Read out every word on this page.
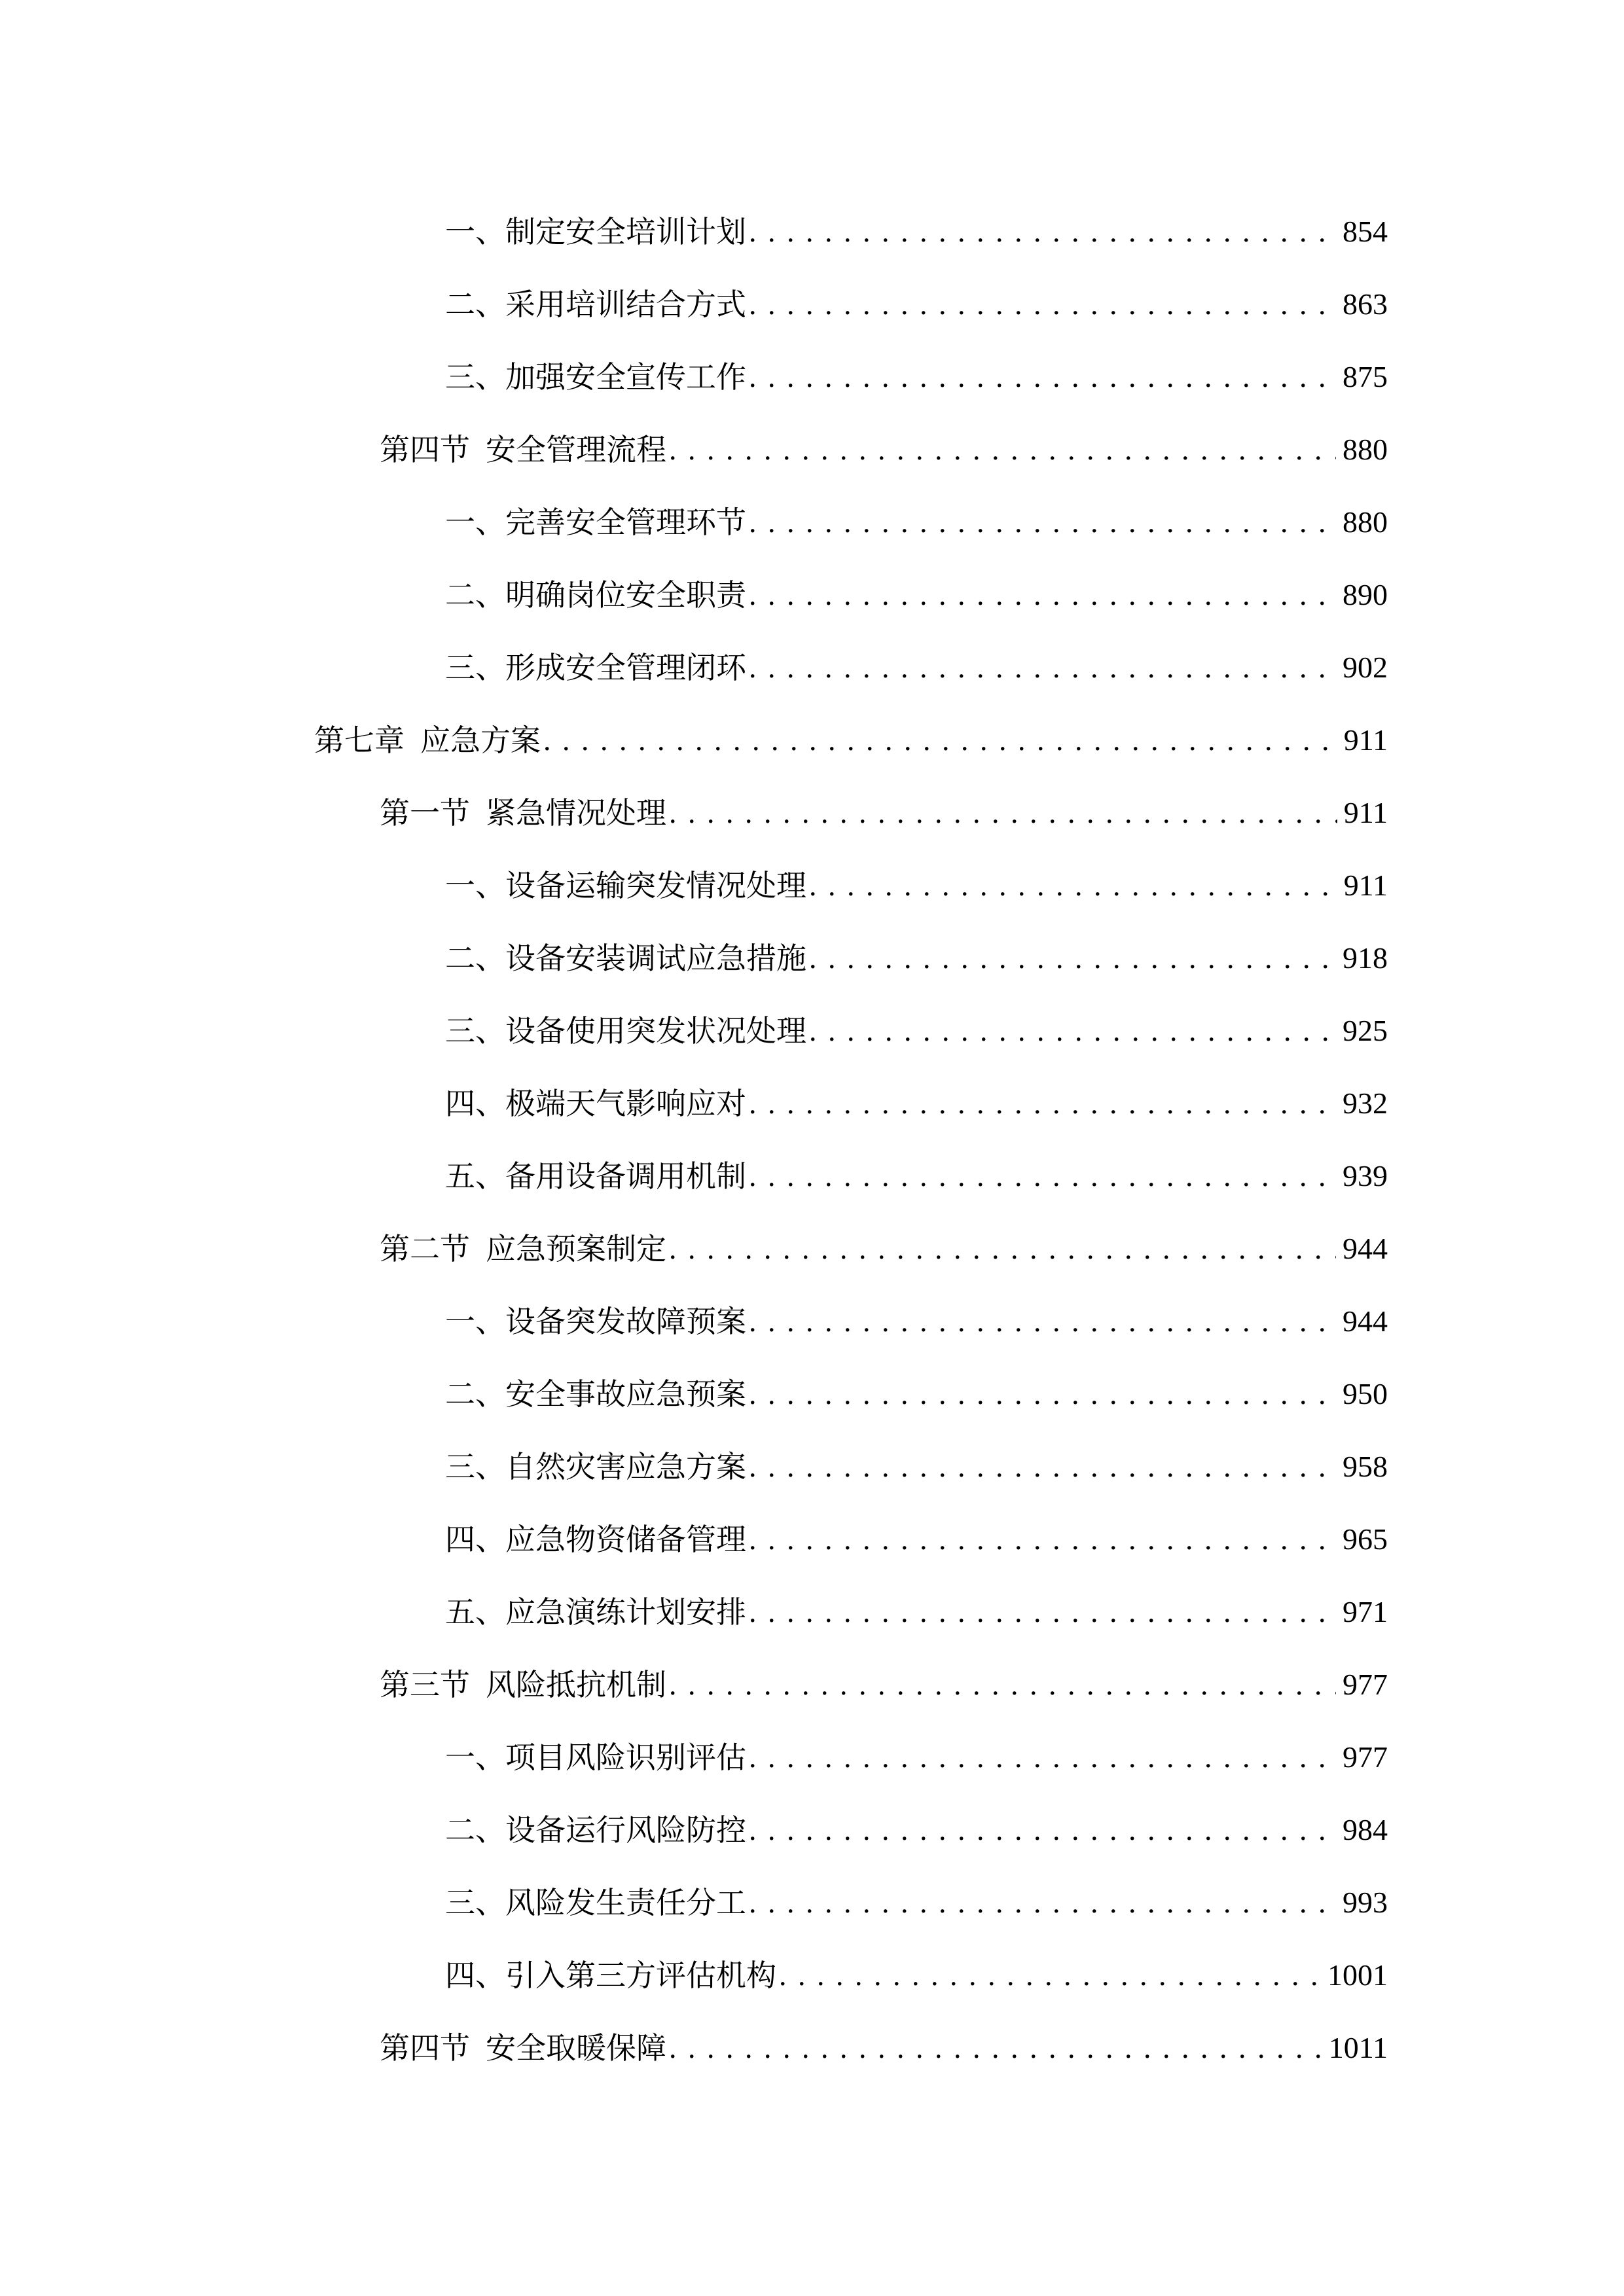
一、 制定安全培训计划 . . .	854
二、 采用培训结合方式 . . .	863
三、 加强安全宣传工作 . . .	875
第四节 安全管理流程 . . .	880
一、 完善安全管理环节 . . .	880
二、 明确岗位安全职责 . . .	890
三、 形成安全管理闭环 . . .	902
第七章 应急方案 . . .	911
第一节 紧急情况处理 . . .	911
一、 设备运输突发情况处理 . . .	911
二、 设备安装调试应急措施 . . .	918
三、 设备使用突发状况处理 . . .	925
四、 极端天气影响应对 . . .	932
五、 备用设备调用机制 . . .	939
第二节 应急预案制定 . . .	944
一、 设备突发故障预案 . . .	944
二、 安全事故应急预案 . . .	950
三、 自然灾害应急方案 . . .	958
四、 应急物资储备管理 . . .	965
五、 应急演练计划安排 . . .	971
第三节 风险抵抗机制 . . .	977
一、 项目风险识别评估 . . .	977
二、 设备运行风险防控 . . .	984
三、 风险发生责任分工 . . .	993
四、 引入第三方评估机构 . . .	1001
第四节 安全取暖保障 . . .	1011
